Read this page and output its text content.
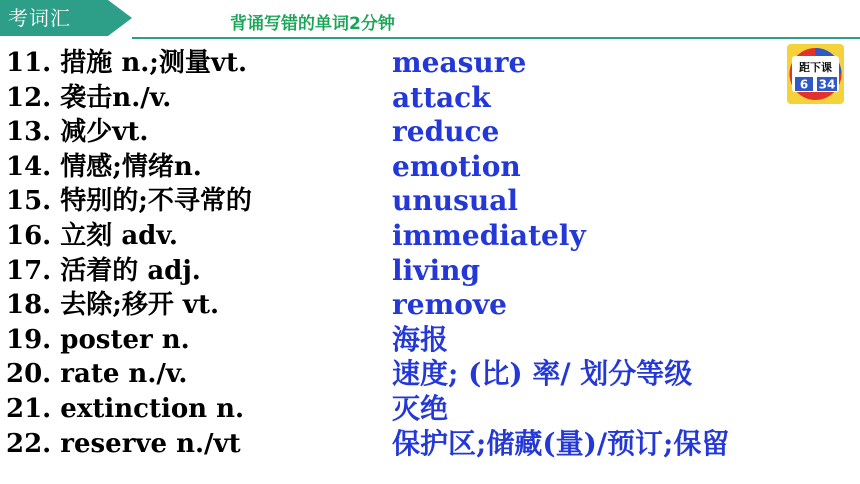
考词汇	背诵写错的单词2分钟
距下课
6 34
11. 措施 n.;测量vt.	measure
12. 袭击n./v.	attack
13. 减少vt.	reduce
14. 情感;情绪n.	emotion
15. 特别的;不寻常的	unusual
16. 立刻 adv.	immediately
17. 活着的 adj.	living
18. 去除;移开 vt.	remove
19. poster n.	海报
20. rate n./v.	速度; (比) 率/ 划分等级
21. extinction n.	灭绝
22. reserve n./vt	保护区;储藏(量)/预订;保留
